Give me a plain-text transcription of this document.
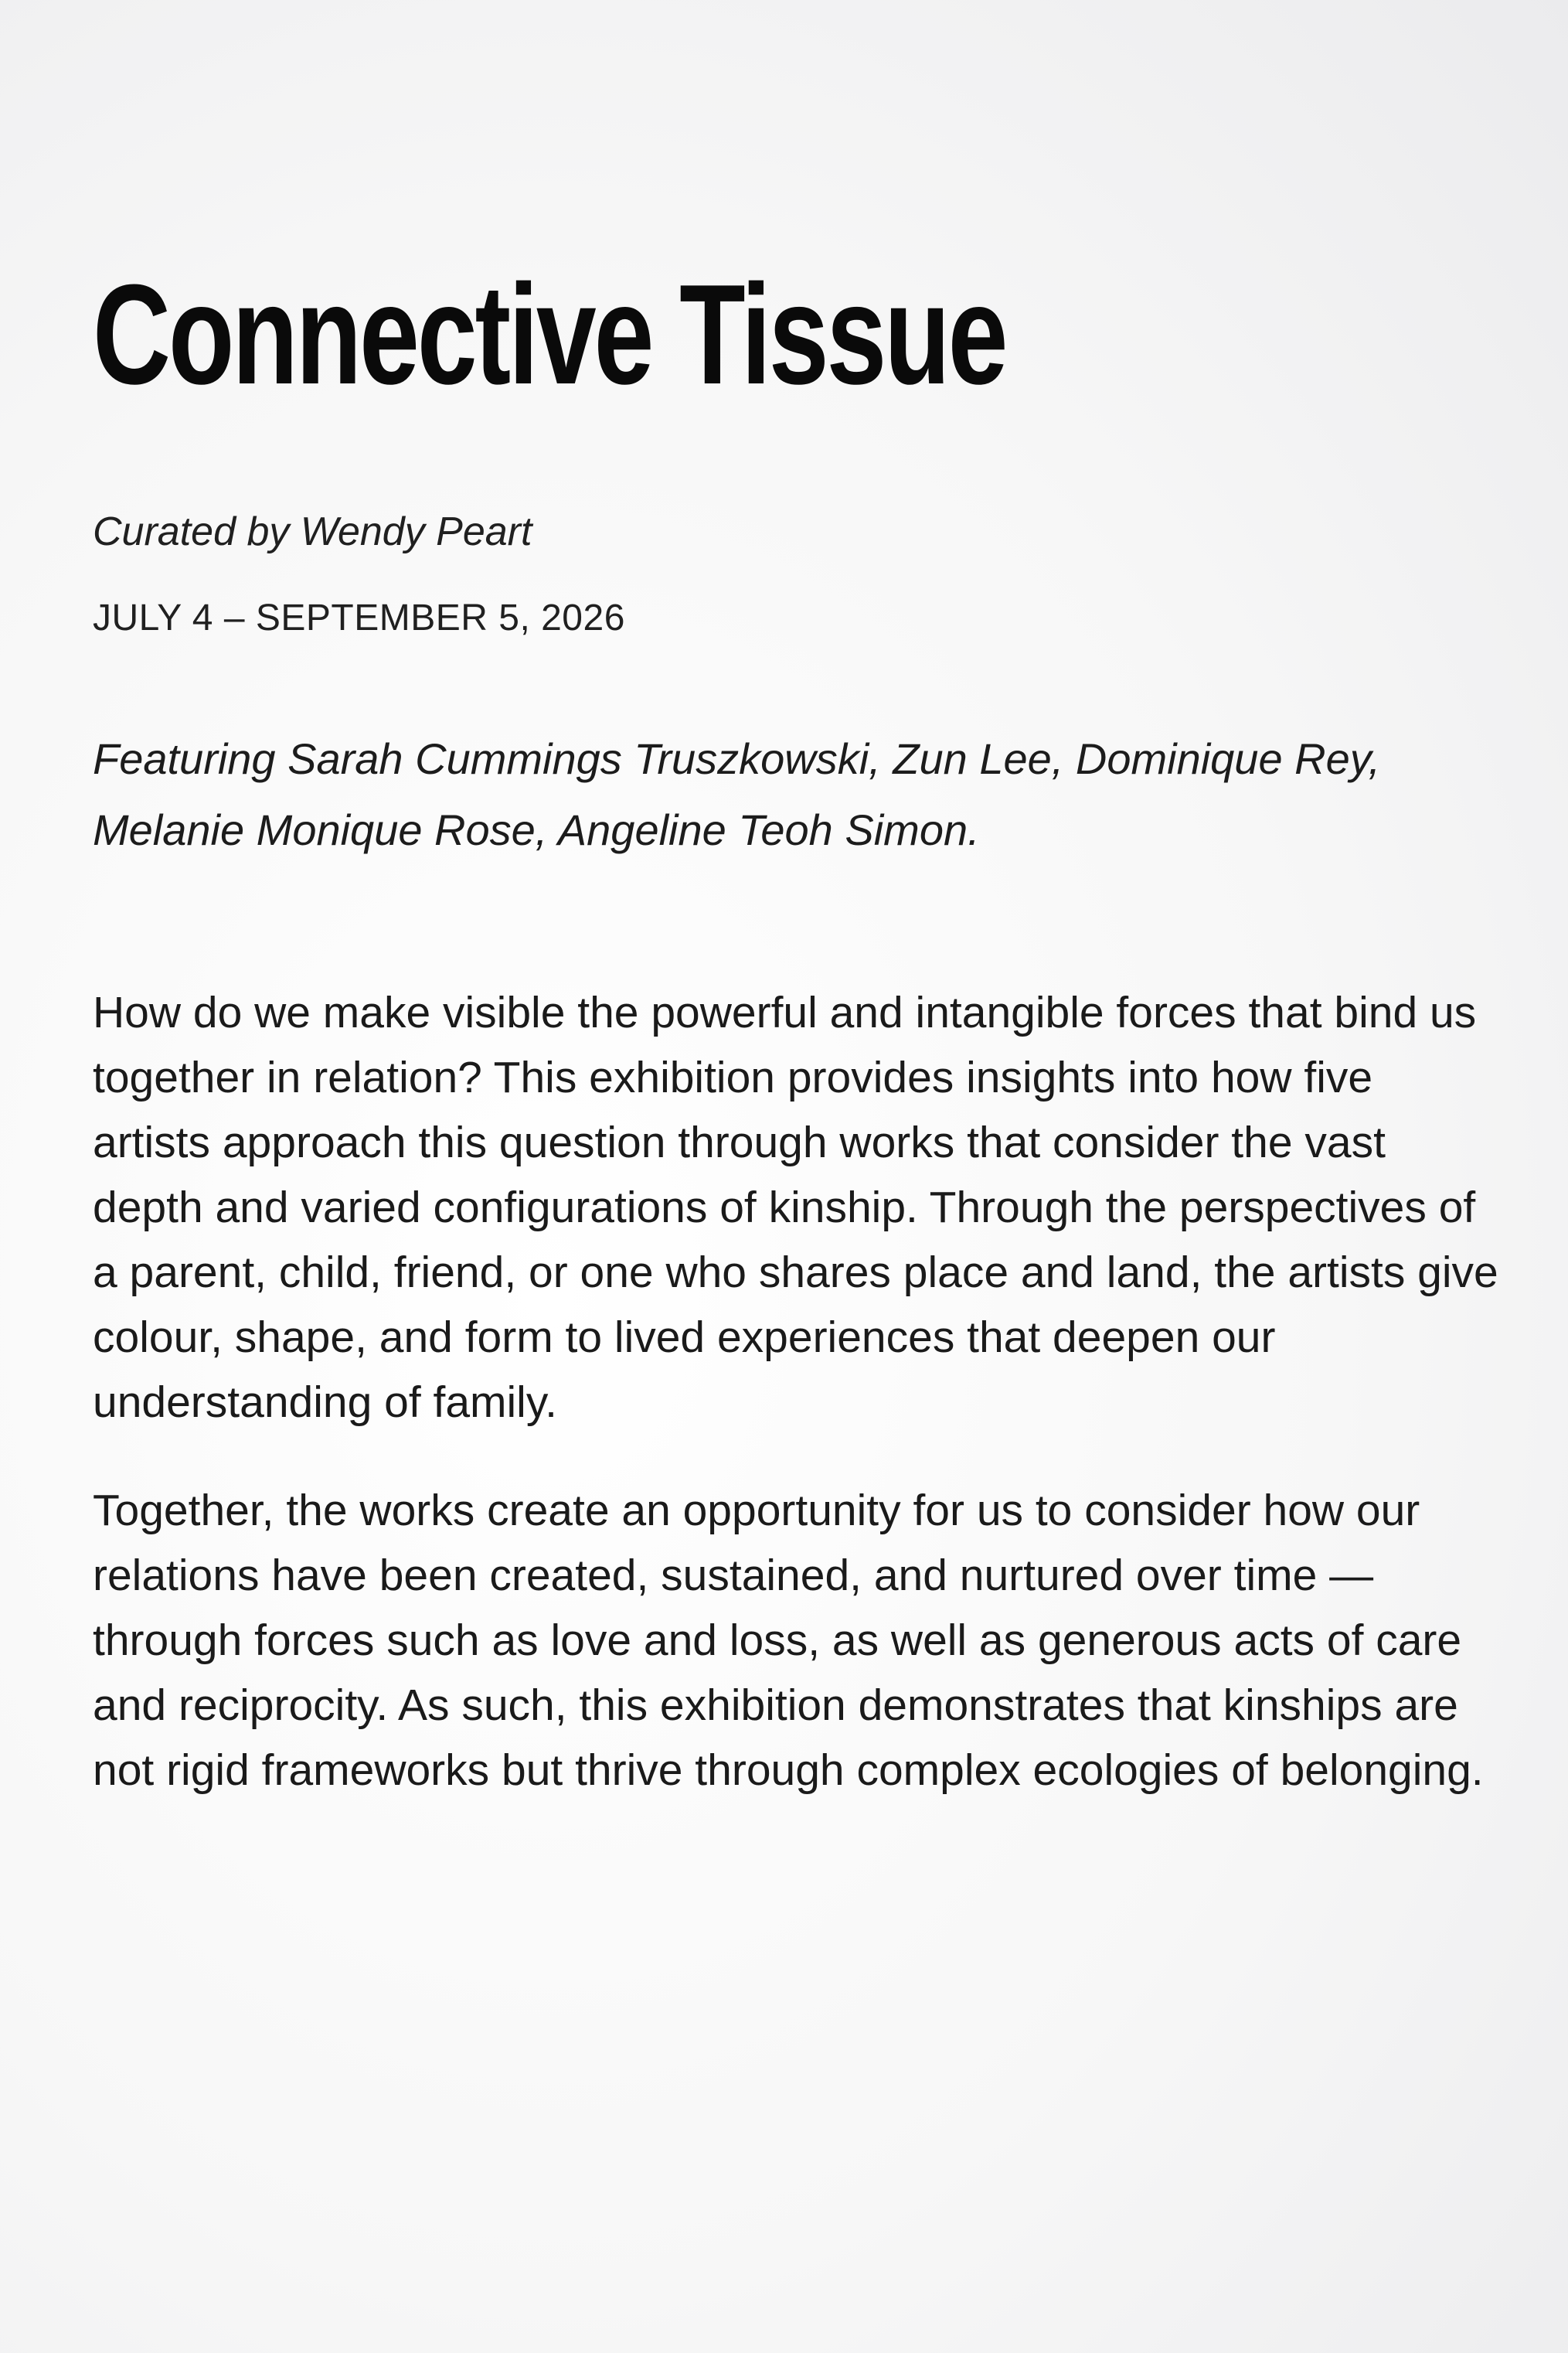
Connective Tissue
Curated by Wendy Peart
JULY 4 – SEPTEMBER 5, 2026
Featuring Sarah Cummings Truszkowski, Zun Lee, Dominique Rey, Melanie Monique Rose, Angeline Teoh Simon.

How do we make visible the powerful and intangible forces that bind us together in relation? This exhibition provides insights into how five artists approach this question through works that consider the vast depth and varied configurations of kinship. Through the perspectives of a parent, child, friend, or one who shares place and land, the artists give colour, shape, and form to lived experiences that deepen our understanding of family.

Together, the works create an opportunity for us to consider how our relations have been created, sustained, and nurtured over time — through forces such as love and loss, as well as generous acts of care and reciprocity. As such, this exhibition demonstrates that kinships are not rigid frameworks but thrive through complex ecologies of belonging.
